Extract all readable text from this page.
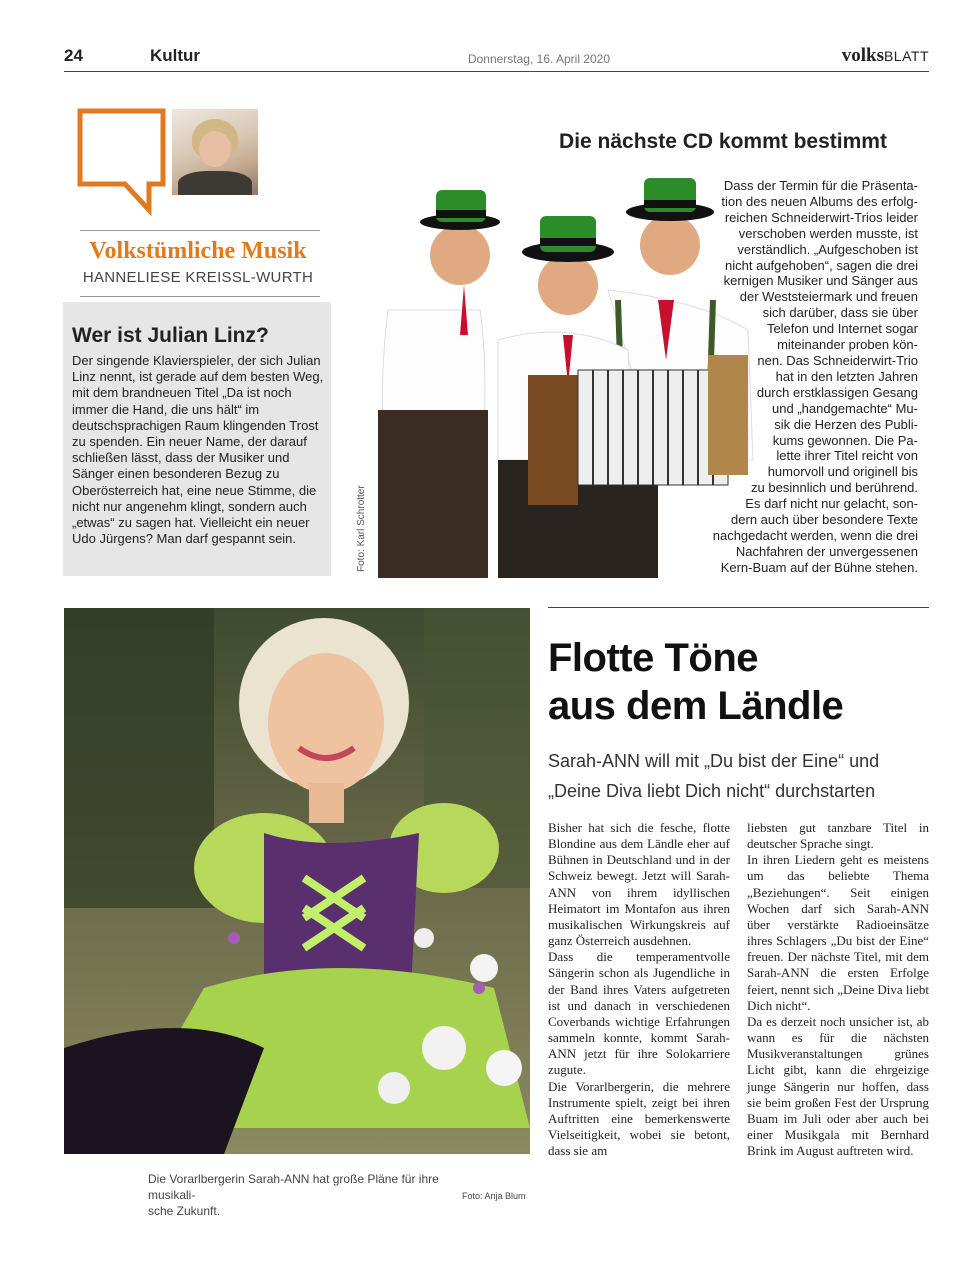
24	Kultur	Donnerstag, 16. April 2020	volksBLATT
Volkstümliche Musik
HANNELIESE KREISSL-WURTH
Wer ist Julian Linz?
Der singende Klavierspieler, der sich Julian Linz nennt, ist gerade auf dem besten Weg, mit dem brandneuen Titel „Da ist noch immer die Hand, die uns hält“ im deutschsprachigen Raum klingenden Trost zu spenden. Ein neuer Name, der darauf schließen lässt, dass der Musiker und Sänger einen besonderen Bezug zu Oberösterreich hat, eine neue Stimme, die nicht nur angenehm klingt, sondern auch „etwas“ zu sagen hat. Vielleicht ein neuer Udo Jürgens? Man darf gespannt sein.	Foto: Karl Schrotter
Die nächste CD kommt bestimmt
Dass der Termin für die Präsenta-
tion des neuen Albums des erfolg-
reichen Schneiderwirt-Trios leider
verschoben werden musste, ist
verständlich. „Aufgeschoben ist
nicht aufgehoben“, sagen die drei
kernigen Musiker und Sänger aus
der Weststeiermark und freuen
sich darüber, dass sie über
Telefon und Internet sogar
miteinander proben kön-
nen. Das Schneiderwirt-Trio
hat in den letzten Jahren
durch erstklassigen Gesang
und „handgemachte“ Mu-
sik die Herzen des Publi-
kums gewonnen. Die Pa-
lette ihrer Titel reicht von
humorvoll und originell bis
zu besinnlich und berührend.
Es darf nicht nur gelacht, son-
dern auch über besondere Texte
nachgedacht werden, wenn die drei
Nachfahren der unvergessenen
Kern-Buam auf der Bühne stehen.
Die Vorarlbergerin Sarah-ANN hat große Pläne für ihre musikali-
sche Zukunft.
Foto: Anja Blum
Flotte Töne
aus dem Ländle
Sarah-ANN will mit „Du bist der Eine“ und
„Deine Diva liebt Dich nicht“ durchstarten

Bisher hat sich die fesche, flotte Blondine aus dem Ländle eher auf Bühnen in Deutschland und in der Schweiz bewegt. Jetzt will Sarah-ANN von ihrem idyllischen Heimatort im Montafon aus ihren musikalischen Wirkungskreis auf ganz Österreich ausdehnen.

Dass die temperamentvolle Sängerin schon als Jugendliche in der Band ihres Vaters aufgetreten ist und danach in verschiedenen Coverbands wichtige Erfahrungen sammeln konnte, kommt Sarah-ANN jetzt für ihre Solokarriere zugute.

Die Vorarlbergerin, die mehrere Instrumente spielt, zeigt bei ihren Auftritten eine bemerkenswerte Vielseitigkeit, wobei sie betont, dass sie am

liebsten gut tanzbare Titel in deutscher Sprache singt.

In ihren Liedern geht es meistens um das beliebte Thema „Beziehungen“. Seit einigen Wochen darf sich Sarah-ANN über verstärkte Radioeinsätze ihres Schlagers „Du bist der Eine“ freuen. Der nächste Titel, mit dem Sarah-ANN die ersten Erfolge feiert, nennt sich „Deine Diva liebt Dich nicht“.

Da es derzeit noch unsicher ist, ab wann es für die nächsten Musikveranstaltungen grünes Licht gibt, kann die ehrgeizige junge Sängerin nur hoffen, dass sie beim großen Fest der Ursprung Buam im Juli oder aber auch bei einer Musikgala mit Bernhard Brink im August auftreten wird.
